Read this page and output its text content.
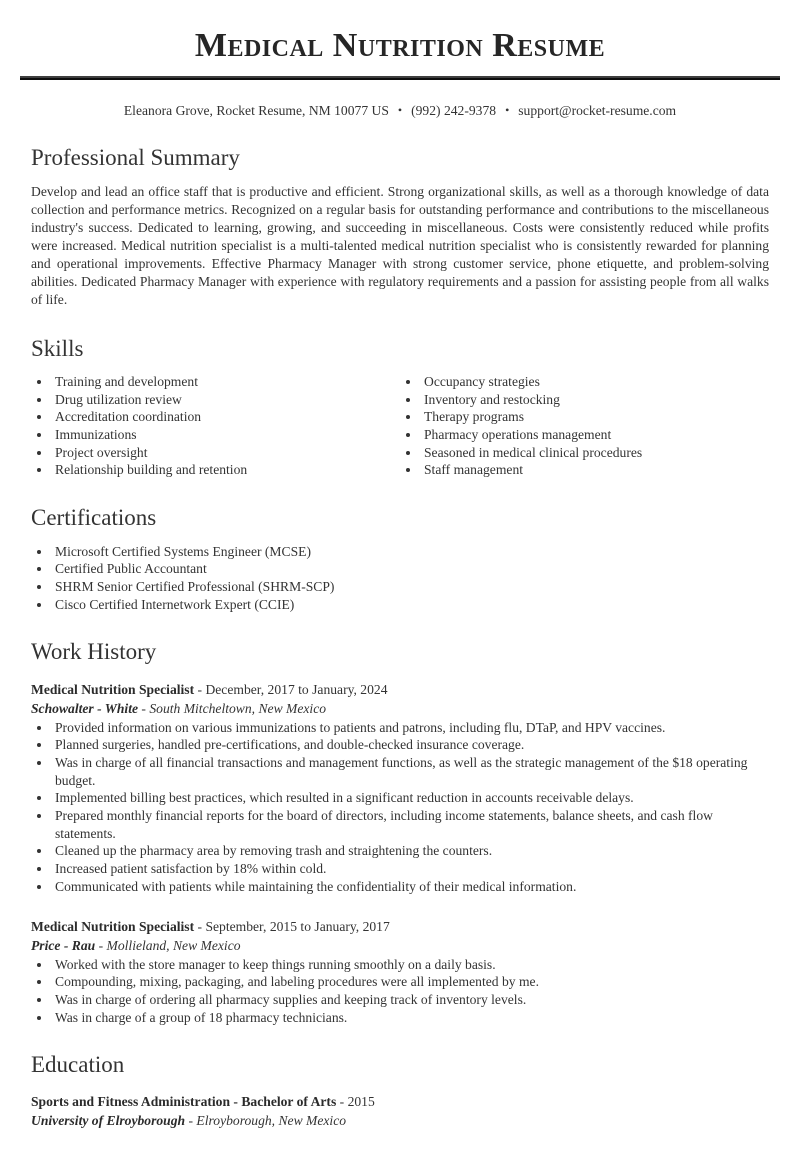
Medical Nutrition Resume
Eleanora Grove, Rocket Resume, NM 10077 US • (992) 242-9378 • support@rocket-resume.com
Professional Summary

Develop and lead an office staff that is productive and efficient. Strong organizational skills, as well as a thorough knowledge of data collection and performance metrics. Recognized on a regular basis for outstanding performance and contributions to the miscellaneous industry's success. Dedicated to learning, growing, and succeeding in miscellaneous. Costs were consistently reduced while profits were increased. Medical nutrition specialist is a multi-talented medical nutrition specialist who is consistently rewarded for planning and operational improvements. Effective Pharmacy Manager with strong customer service, phone etiquette, and problem-solving abilities. Dedicated Pharmacy Manager with experience with regulatory requirements and a passion for assisting people from all walks of life.

Skills
• Training and development
• Drug utilization review
• Accreditation coordination
• Immunizations
• Project oversight
• Relationship building and retention
• Occupancy strategies
• Inventory and restocking
• Therapy programs
• Pharmacy operations management
• Seasoned in medical clinical procedures
• Staff management
Certifications
• Microsoft Certified Systems Engineer (MCSE)
• Certified Public Accountant
• SHRM Senior Certified Professional (SHRM-SCP)
• Cisco Certified Internetwork Expert (CCIE)
Work History
Medical Nutrition Specialist - December, 2017 to January, 2024
Schowalter - White - South Mitcheltown, New Mexico
• Provided information on various immunizations to patients and patrons, including flu, DTaP, and HPV vaccines.
• Planned surgeries, handled pre-certifications, and double-checked insurance coverage.
• Was in charge of all financial transactions and management functions, as well as the strategic management of the $18 operating budget.
• Implemented billing best practices, which resulted in a significant reduction in accounts receivable delays.
• Prepared monthly financial reports for the board of directors, including income statements, balance sheets, and cash flow statements.
• Cleaned up the pharmacy area by removing trash and straightening the counters.
• Increased patient satisfaction by 18% within cold.
• Communicated with patients while maintaining the confidentiality of their medical information.
Medical Nutrition Specialist - September, 2015 to January, 2017
Price - Rau - Mollieland, New Mexico
• Worked with the store manager to keep things running smoothly on a daily basis.
• Compounding, mixing, packaging, and labeling procedures were all implemented by me.
• Was in charge of ordering all pharmacy supplies and keeping track of inventory levels.
• Was in charge of a group of 18 pharmacy technicians.
Education
Sports and Fitness Administration - Bachelor of Arts - 2015
University of Elroyborough - Elroyborough, New Mexico
